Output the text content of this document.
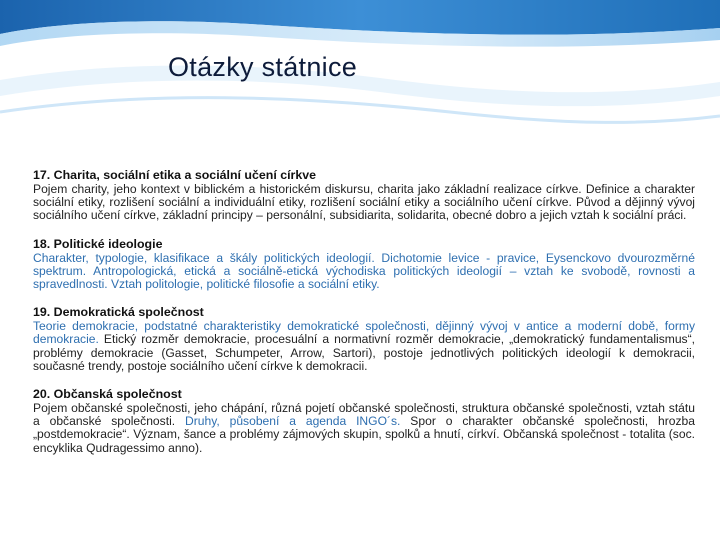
Otázky státnice
17. Charita, sociální etika a sociální učení církve

Pojem charity, jeho kontext v biblickém a historickém diskursu, charita jako základní realizace církve. Definice a charakter sociální etiky, rozlišení sociální a individuální etiky, rozlišení sociální etiky a sociálního učení církve. Původ a dějinný vývoj sociálního učení církve, základní principy – personální, subsidiarita, solidarita, obecné dobro a jejich vztah k sociální práci.

18. Politické ideologie

Charakter, typologie, klasifikace a škály politických ideologií. Dichotomie levice - pravice, Eysenckovo dvourozměrné spektrum. Antropologická, etická a sociálně-etická východiska politických ideologií – vztah ke svobodě, rovnosti a spravedlnosti. Vztah politologie, politické filosofie a sociální etiky.

19. Demokratická společnost

Teorie demokracie, podstatné charakteristiky demokratické společnosti, dějinný vývoj v antice a moderní době, formy demokracie. Etický rozměr demokracie, procesuální a normativní rozměr demokracie, „demokratický fundamentalismus“, problémy demokracie (Gasset, Schumpeter, Arrow, Sartori), postoje jednotlivých politických ideologií k demokracii, současné trendy, postoje sociálního učení církve k demokracii.

20. Občanská společnost

Pojem občanské společnosti, jeho chápání, různá pojetí občanské společnosti, struktura občanské společnosti, vztah státu a občanské společnosti. Druhy, působení a agenda INGO´s. Spor o charakter občanské společnosti, hrozba „postdemokracie“. Význam, šance a problémy zájmových skupin, spolků a hnutí, církví. Občanská společnost - totalita (soc. encyklika Qudragessimo anno).
